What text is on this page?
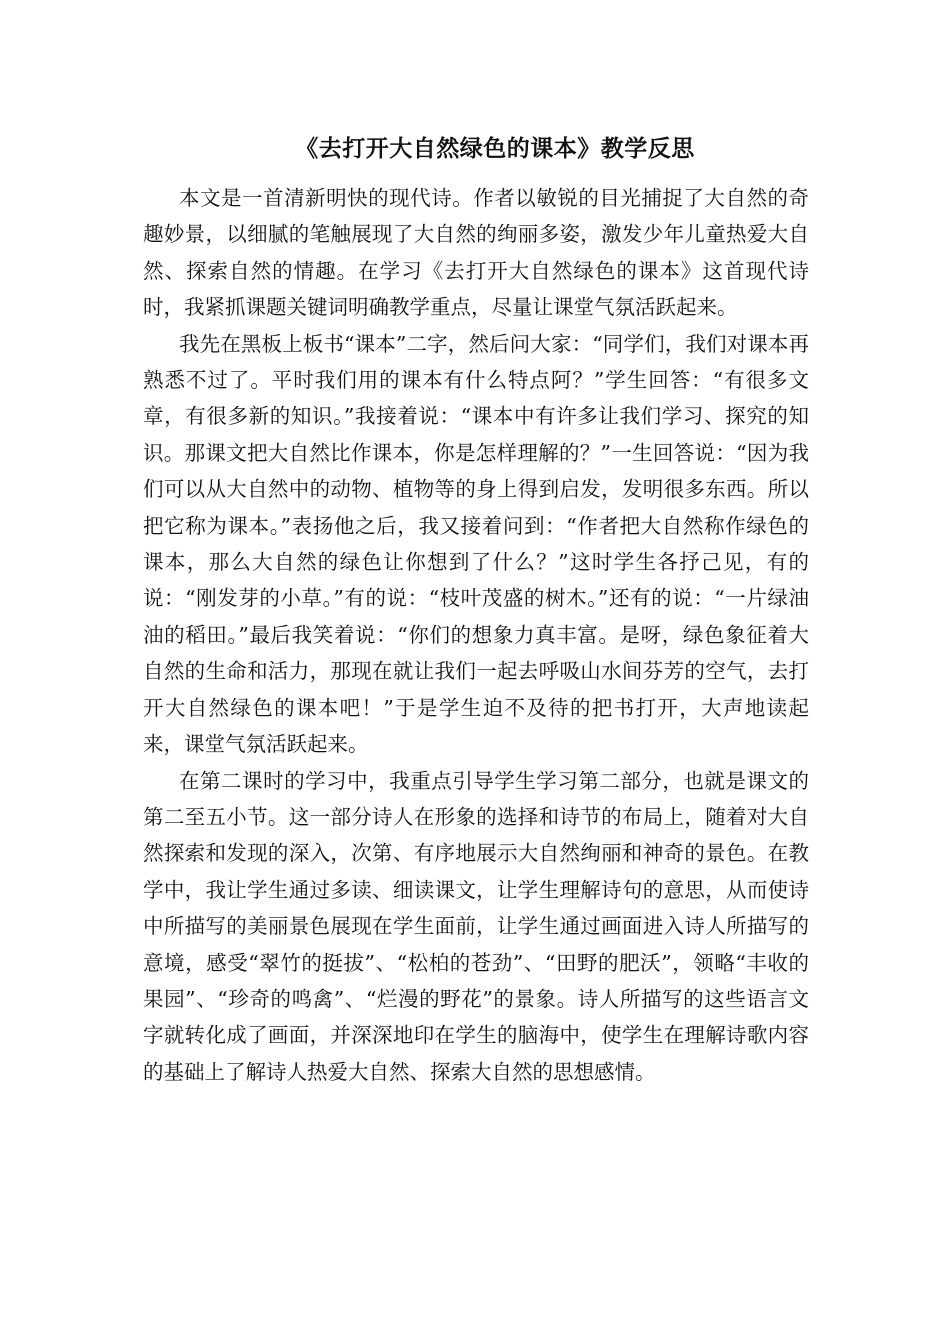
《去打开大自然绿色的课本》教学反思

本文是一首清新明快的现代诗。作者以敏锐的目光捕捉了大自然的奇趣妙景，以细腻的笔触展现了大自然的绚丽多姿，激发少年儿童热爱大自然、探索自然的情趣。在学习《去打开大自然绿色的课本》这首现代诗时，我紧抓课题关键词明确教学重点，尽量让课堂气氛活跃起来。

我先在黑板上板书“课本”二字，然后问大家：“同学们，我们对课本再熟悉不过了。平时我们用的课本有什么特点阿？”学生回答：“有很多文章，有很多新的知识。”我接着说：“课本中有许多让我们学习、探究的知识。那课文把大自然比作课本，你是怎样理解的？”一生回答说：“因为我们可以从大自然中的动物、植物等的身上得到启发，发明很多东西。所以把它称为课本。”表扬他之后，我又接着问到：“作者把大自然称作绿色的课本，那么大自然的绿色让你想到了什么？”这时学生各抒己见，有的说：“刚发芽的小草。”有的说：“枝叶茂盛的树木。”还有的说：“一片绿油油的稻田。”最后我笑着说：“你们的想象力真丰富。是呀，绿色象征着大自然的生命和活力，那现在就让我们一起去呼吸山水间芬芳的空气，去打开大自然绿色的课本吧！”于是学生迫不及待的把书打开，大声地读起来，课堂气氛活跃起来。

在第二课时的学习中，我重点引导学生学习第二部分，也就是课文的第二至五小节。这一部分诗人在形象的选择和诗节的布局上，随着对大自然探索和发现的深入，次第、有序地展示大自然绚丽和神奇的景色。在教学中，我让学生通过多读、细读课文，让学生理解诗句的意思，从而使诗中所描写的美丽景色展现在学生面前，让学生通过画面进入诗人所描写的意境，感受“翠竹的挺拔”、“松柏的苍劲”、“田野的肥沃”，领略“丰收的果园”、“珍奇的鸣禽”、“烂漫的野花”的景象。诗人所描写的这些语言文字就转化成了画面，并深深地印在学生的脑海中，使学生在理解诗歌内容的基础上了解诗人热爱大自然、探索大自然的思想感情。
